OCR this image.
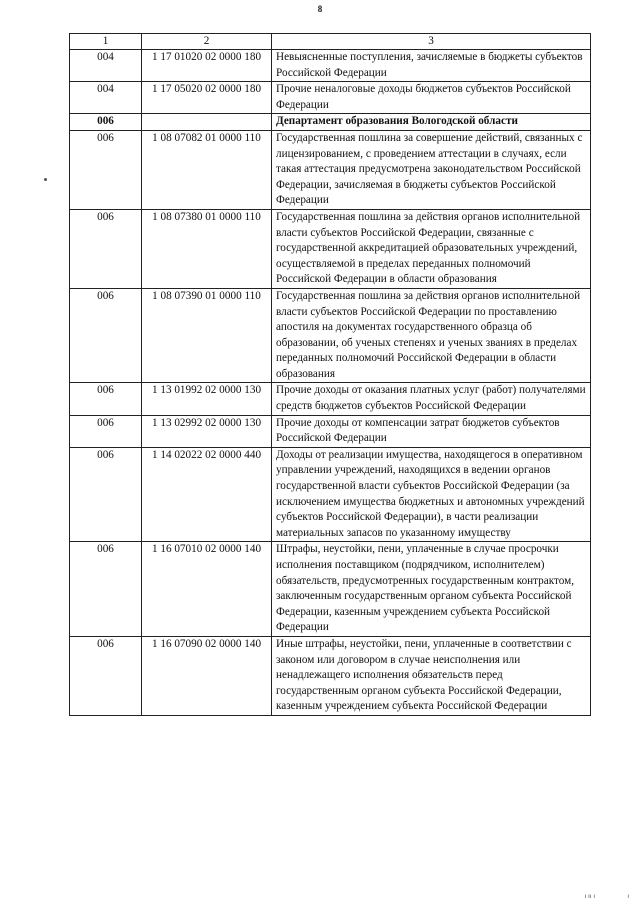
8
1	2	3
004	1 17 01020 02 0000 180	Невыясненные поступления, зачисляемые в бюджеты субъектов Российской Федерации
004	1 17 05020 02 0000 180	Прочие неналоговые доходы бюджетов субъектов Российской Федерации
006		Департамент образования Вологодской области
006	1 08 07082 01 0000 110	Государственная пошлина за совершение действий, связанных с лицензированием, с проведением аттестации в случаях, если такая аттестация предусмотрена законодательством Российской Федерации, зачисляемая в бюджеты субъектов Российской Федерации
006	1 08 07380 01 0000 110	Государственная пошлина за действия органов исполнительной власти субъектов Российской Федерации, связанные с государственной аккредитацией образовательных учреждений, осуществляемой в пределах переданных полномочий Российской Федерации в области образования
006	1 08 07390 01 0000 110	Государственная пошлина за действия органов исполнительной власти субъектов Российской Федерации по проставлению апостиля на документах государственного образца об образовании, об ученых степенях и ученых званиях в пределах переданных полномочий Российской Федерации в области образования
006	1 13 01992 02 0000 130	Прочие доходы от оказания платных услуг (работ) получателями средств бюджетов субъектов Российской Федерации
006	1 13 02992 02 0000 130	Прочие доходы от компенсации затрат бюджетов субъектов Российской Федерации
006	1 14 02022 02 0000 440	Доходы от реализации имущества, находящегося в оперативном управлении учреждений, находящихся в ведении органов государственной власти субъектов Российской Федерации (за исключением имущества бюджетных и автономных учреждений субъектов Российской Федерации), в части реализации материальных запасов по указанному имуществу
006	1 16 07010 02 0000 140	Штрафы, неустойки, пени, уплаченные в случае просрочки исполнения поставщиком (подрядчиком, исполнителем) обязательств, предусмотренных государственным контрактом, заключенным государственным органом субъекта Российской Федерации, казенным учреждением субъекта Российской Федерации
006	1 16 07090 02 0000 140	Иные штрафы, неустойки, пени, уплаченные в соответствии с законом или договором в случае неисполнения или ненадлежащего исполнения обязательств перед государственным органом субъекта Российской Федерации, казенным учреждением субъекта Российской Федерации
ı ıı ı	ı
